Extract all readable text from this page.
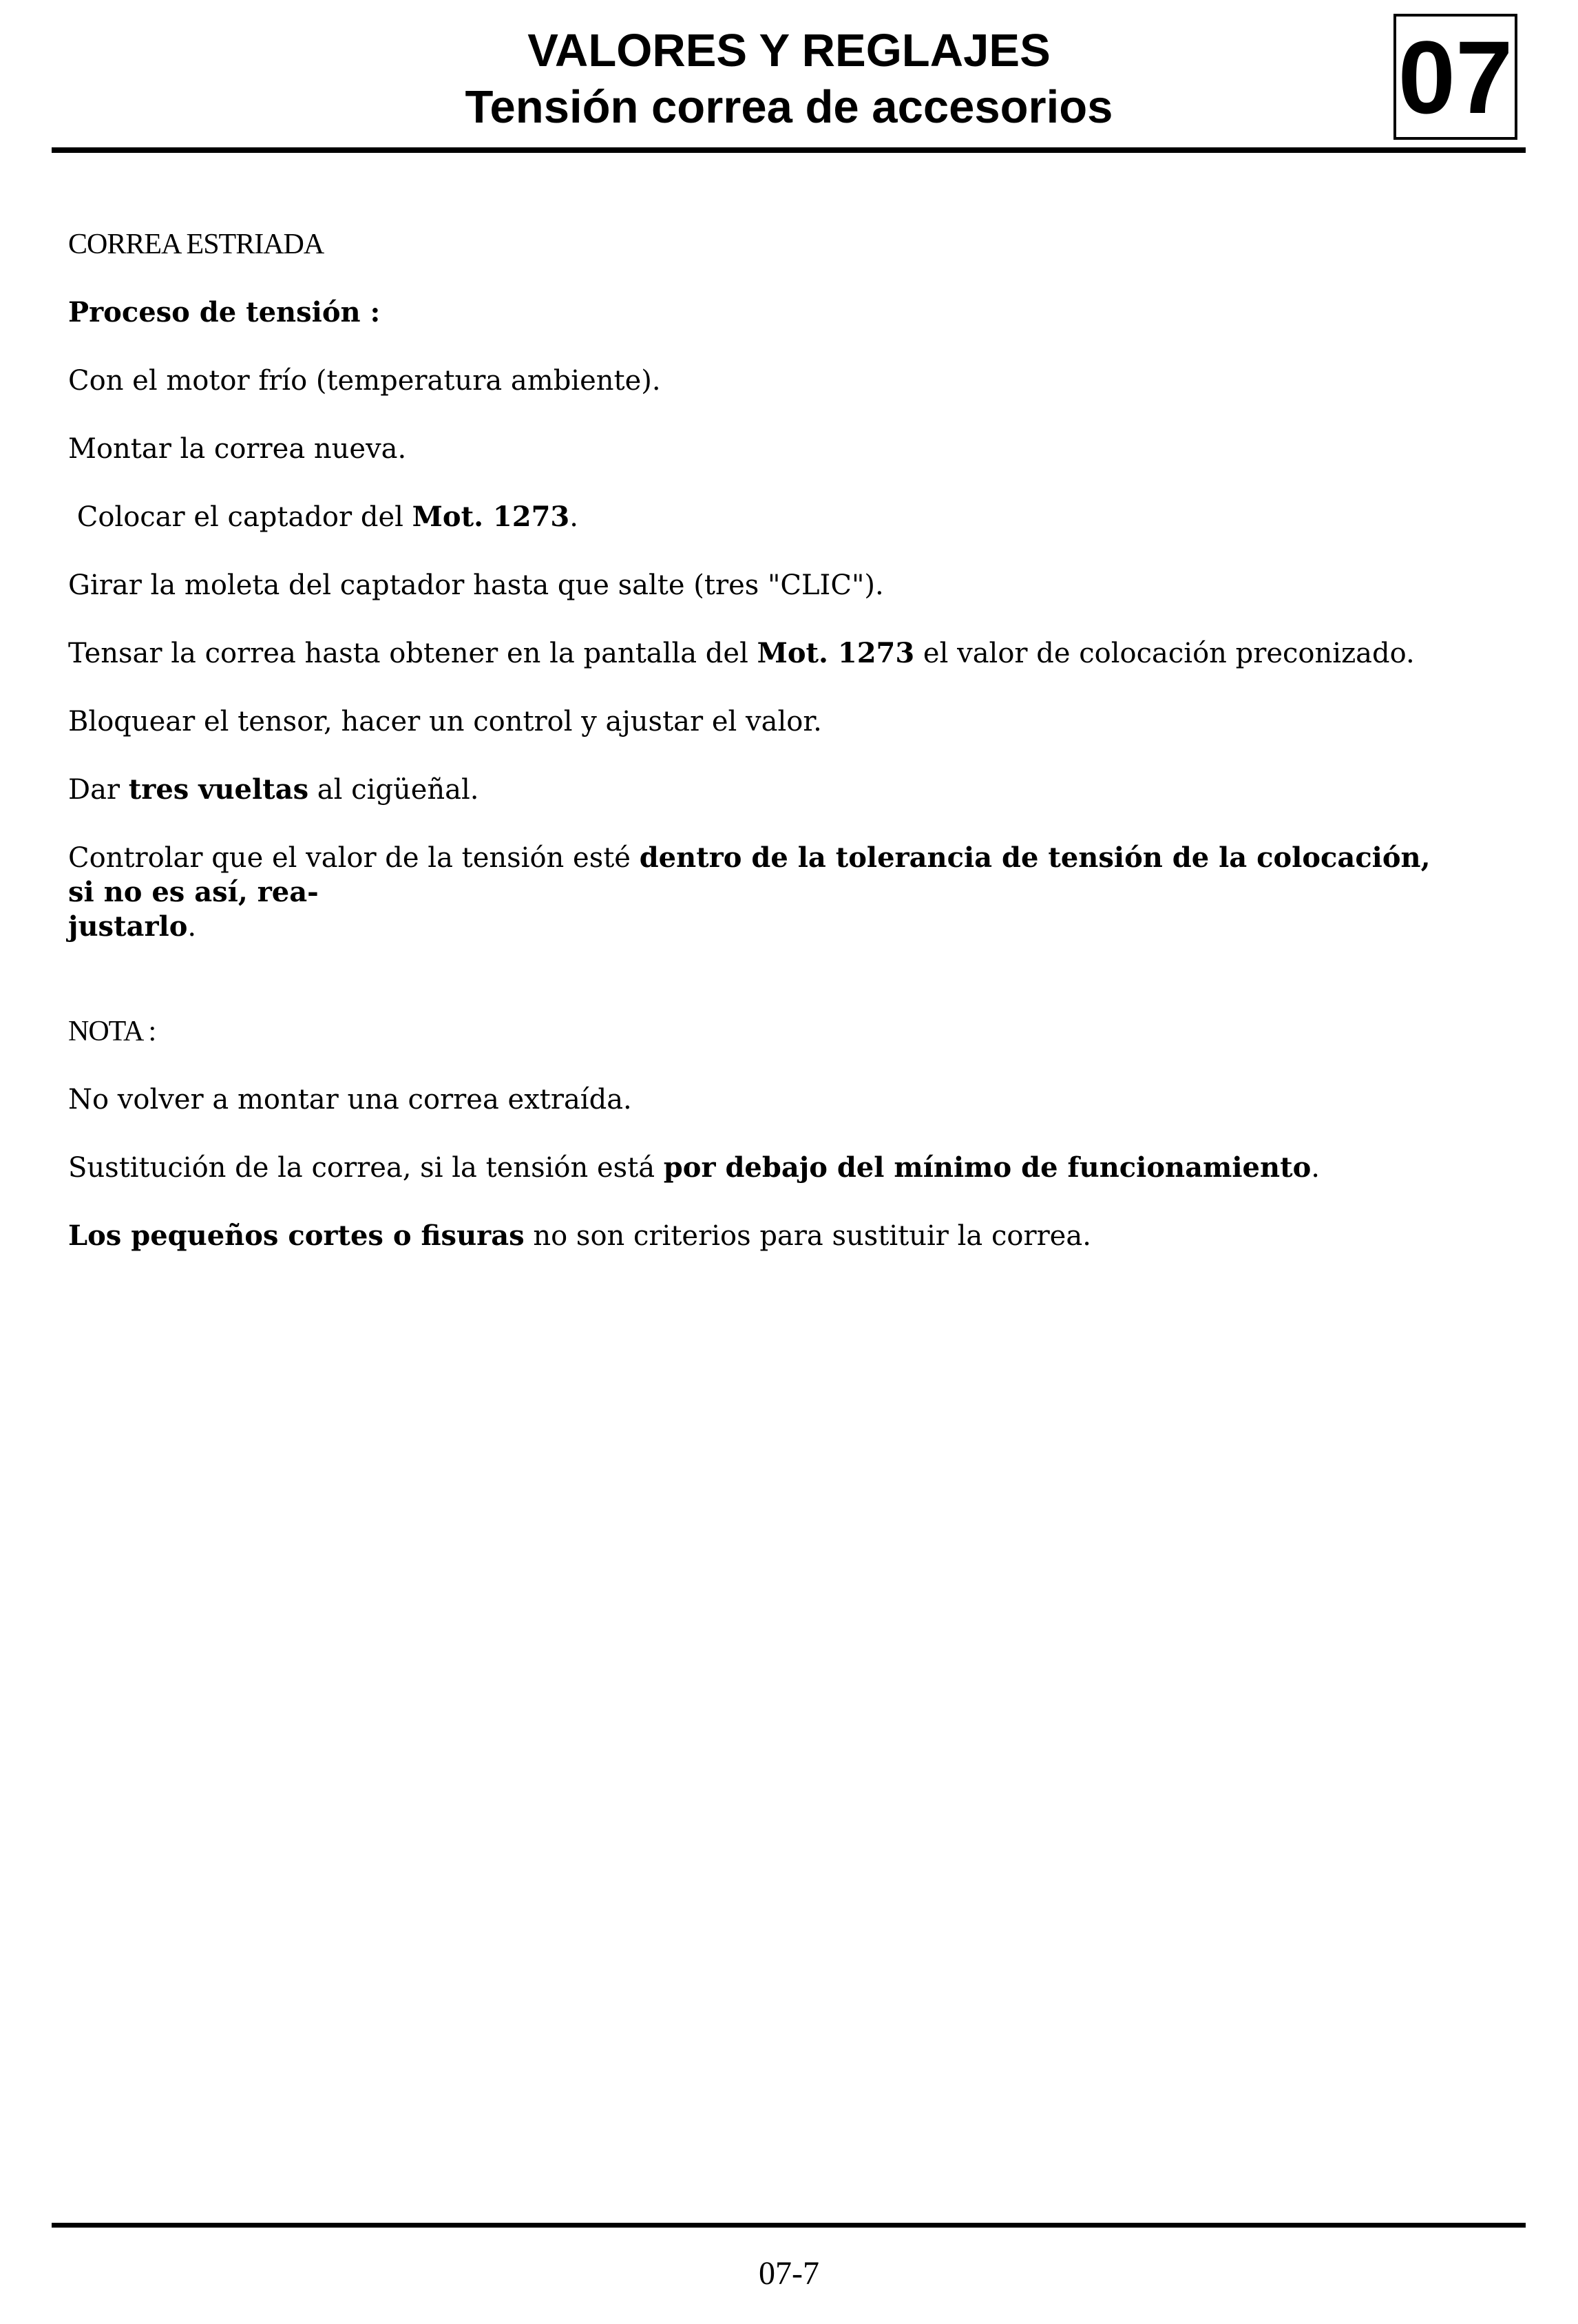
VALORES Y REGLAJES
Tensión correa de accesorios	07
CORREA ESTRIADA
Proceso de tensión :
Con el motor frío (temperatura ambiente).
Montar la correa nueva.
Colocar el captador del Mot. 1273.
Girar la moleta del captador hasta que salte (tres "CLIC").
Tensar la correa hasta obtener en la pantalla del Mot. 1273 el valor de colocación preconizado.
Bloquear el tensor, hacer un control y ajustar el valor.
Dar tres vueltas al cigüeñal.
Controlar que el valor de la tensión esté dentro de la tolerancia de tensión de la colocación, si no es así, rea-
justarlo.
NOTA :
No volver a montar una correa extraída.
Sustitución de la correa, si la tensión está por debajo del mínimo de funcionamiento.
Los pequeños cortes o fisuras no son criterios para sustituir la correa.
07-7
